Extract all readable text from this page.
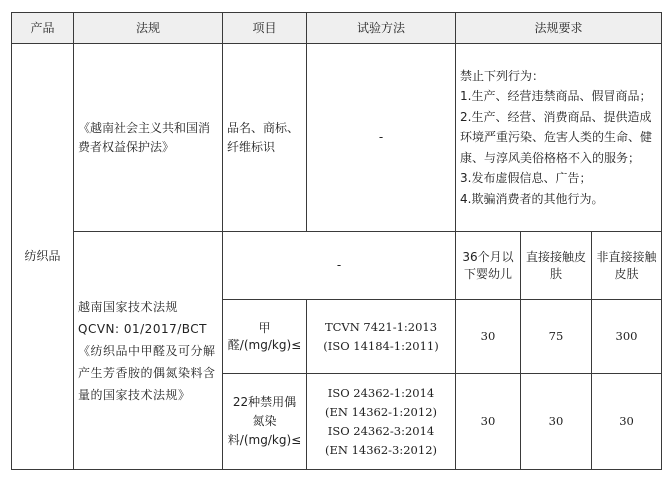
产品	法规	项目	试验方法	法规要求		
纺织品	《越南社会主义共和国消费者权益保护法》	品名、商标、纤维标识	-	禁止下列行为：
1.生产、经营违禁商品、假冒商品；
2.生产、经营、消费商品、提供造成环境严重污染、危害人类的生命、健康、与淳风美俗格格不入的服务；
3.发布虚假信息、广告；
4.欺骗消费者的其他行为。		

	越南国家技术法规QCVN: 01/2017/BCT《纺织品中甲醛及可分解产生芳香胺的偶氮染料含量的国家技术法规》	-		36个月以下婴幼儿	直接接触皮肤	非直接接触皮肤
		甲醛/(mg/kg)≤	TCVN 7421-1:2013
(ISO 14184-1:2011)	30	75	300
		22种禁用偶氮染料/(mg/kg)≤	ISO 24362-1:2014
(EN 14362-1:2012)
ISO 24362-3:2014
(EN 14362-3:2012)	30	30	30
